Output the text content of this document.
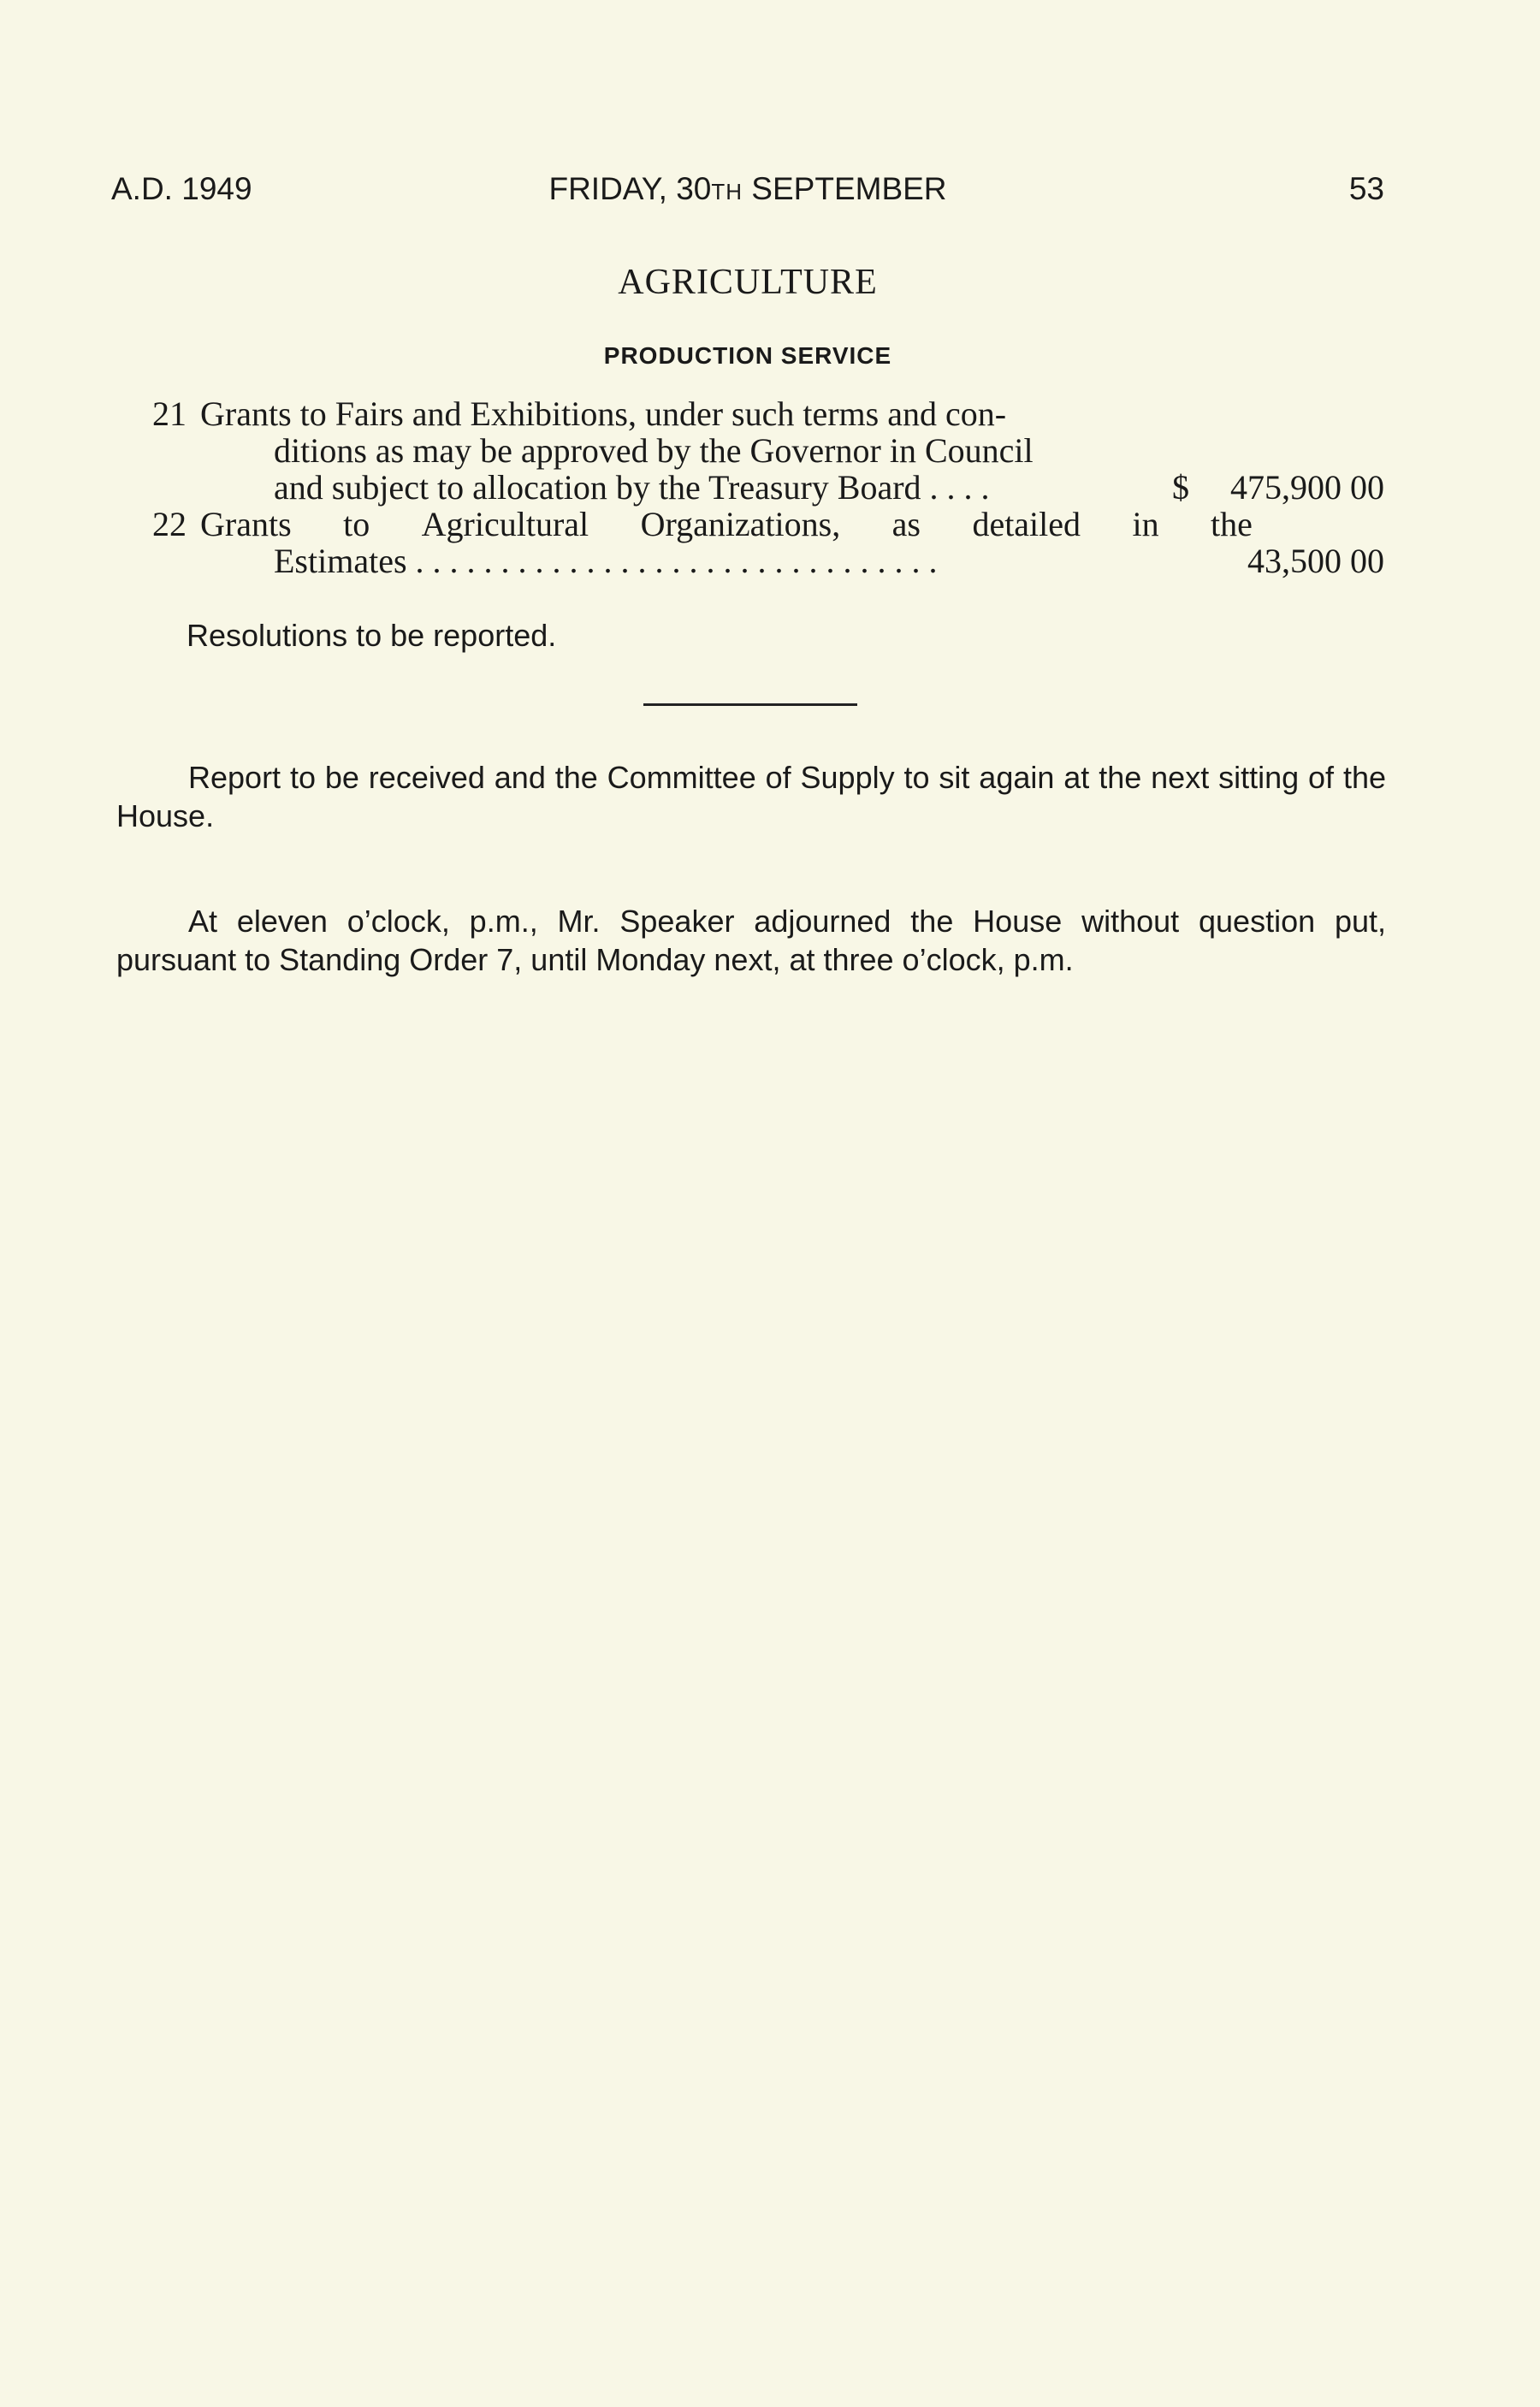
A.D. 1949	FRIDAY, 30TH SEPTEMBER	53
AGRICULTURE
PRODUCTION SERVICE
21 Grants to Fairs and Exhibitions, under such terms and con-
ditions as may be approved by the Governor in Council
and subject to allocation by the Treasury Board . . . .	$ 475,900 00
22 Grants to Agricultural Organizations, as detailed in the
Estimates . . . . . . . . . . . . . . . . . . . . . . . . . . . . . . .	43,500 00
Resolutions to be reported.

Report to be received and the Committee of Supply to sit again at the next sitting of the House.

At eleven o’clock, p.m., Mr. Speaker adjourned the House without question put, pursuant to Standing Order 7, until Monday next, at three o’clock, p.m.
